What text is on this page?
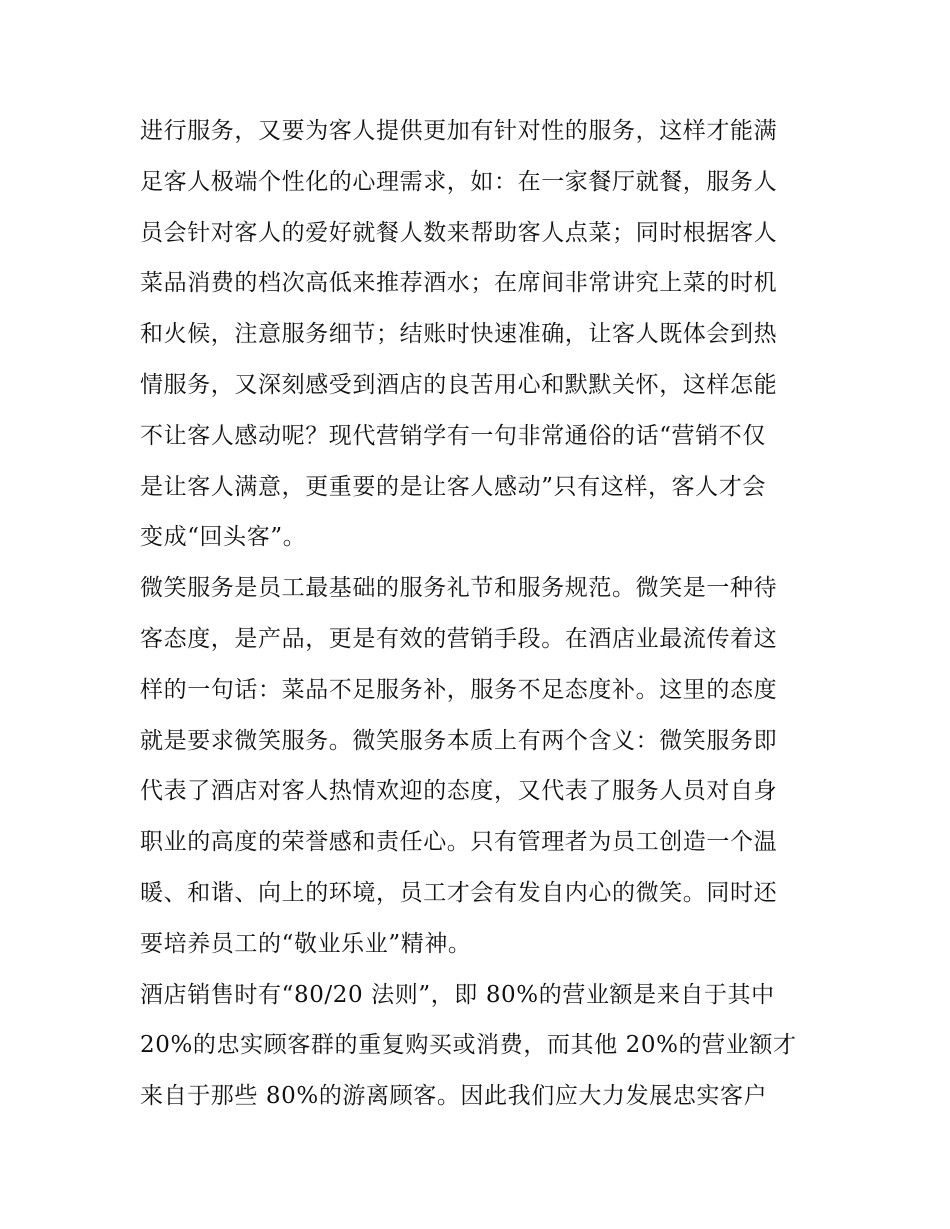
进行服务，又要为客人提供更加有针对性的服务，这样才能满
足客人极端个性化的心理需求，如：在一家餐厅就餐，服务人
员会针对客人的爱好就餐人数来帮助客人点菜；同时根据客人
菜品消费的档次高低来推荐酒水；在席间非常讲究上菜的时机
和火候，注意服务细节；结账时快速准确，让客人既体会到热
情服务，又深刻感受到酒店的良苦用心和默默关怀，这样怎能
不让客人感动呢？现代营销学有一句非常通俗的话“营销不仅
是让客人满意，更重要的是让客人感动”只有这样，客人才会
变成“回头客”。
微笑服务是员工最基础的服务礼节和服务规范。微笑是一种待
客态度，是产品，更是有效的营销手段。在酒店业最流传着这
样的一句话：菜品不足服务补，服务不足态度补。这里的态度
就是要求微笑服务。微笑服务本质上有两个含义：微笑服务即
代表了酒店对客人热情欢迎的态度，又代表了服务人员对自身
职业的高度的荣誉感和责任心。只有管理者为员工创造一个温
暖、和谐、向上的环境，员工才会有发自内心的微笑。同时还
要培养员工的“敬业乐业”精神。
酒店销售时有“80/20 法则”，即 80%的营业额是来自于其中
20%的忠实顾客群的重复购买或消费，而其他 20%的营业额才
来自于那些 80%的游离顾客。因此我们应大力发展忠实客户
